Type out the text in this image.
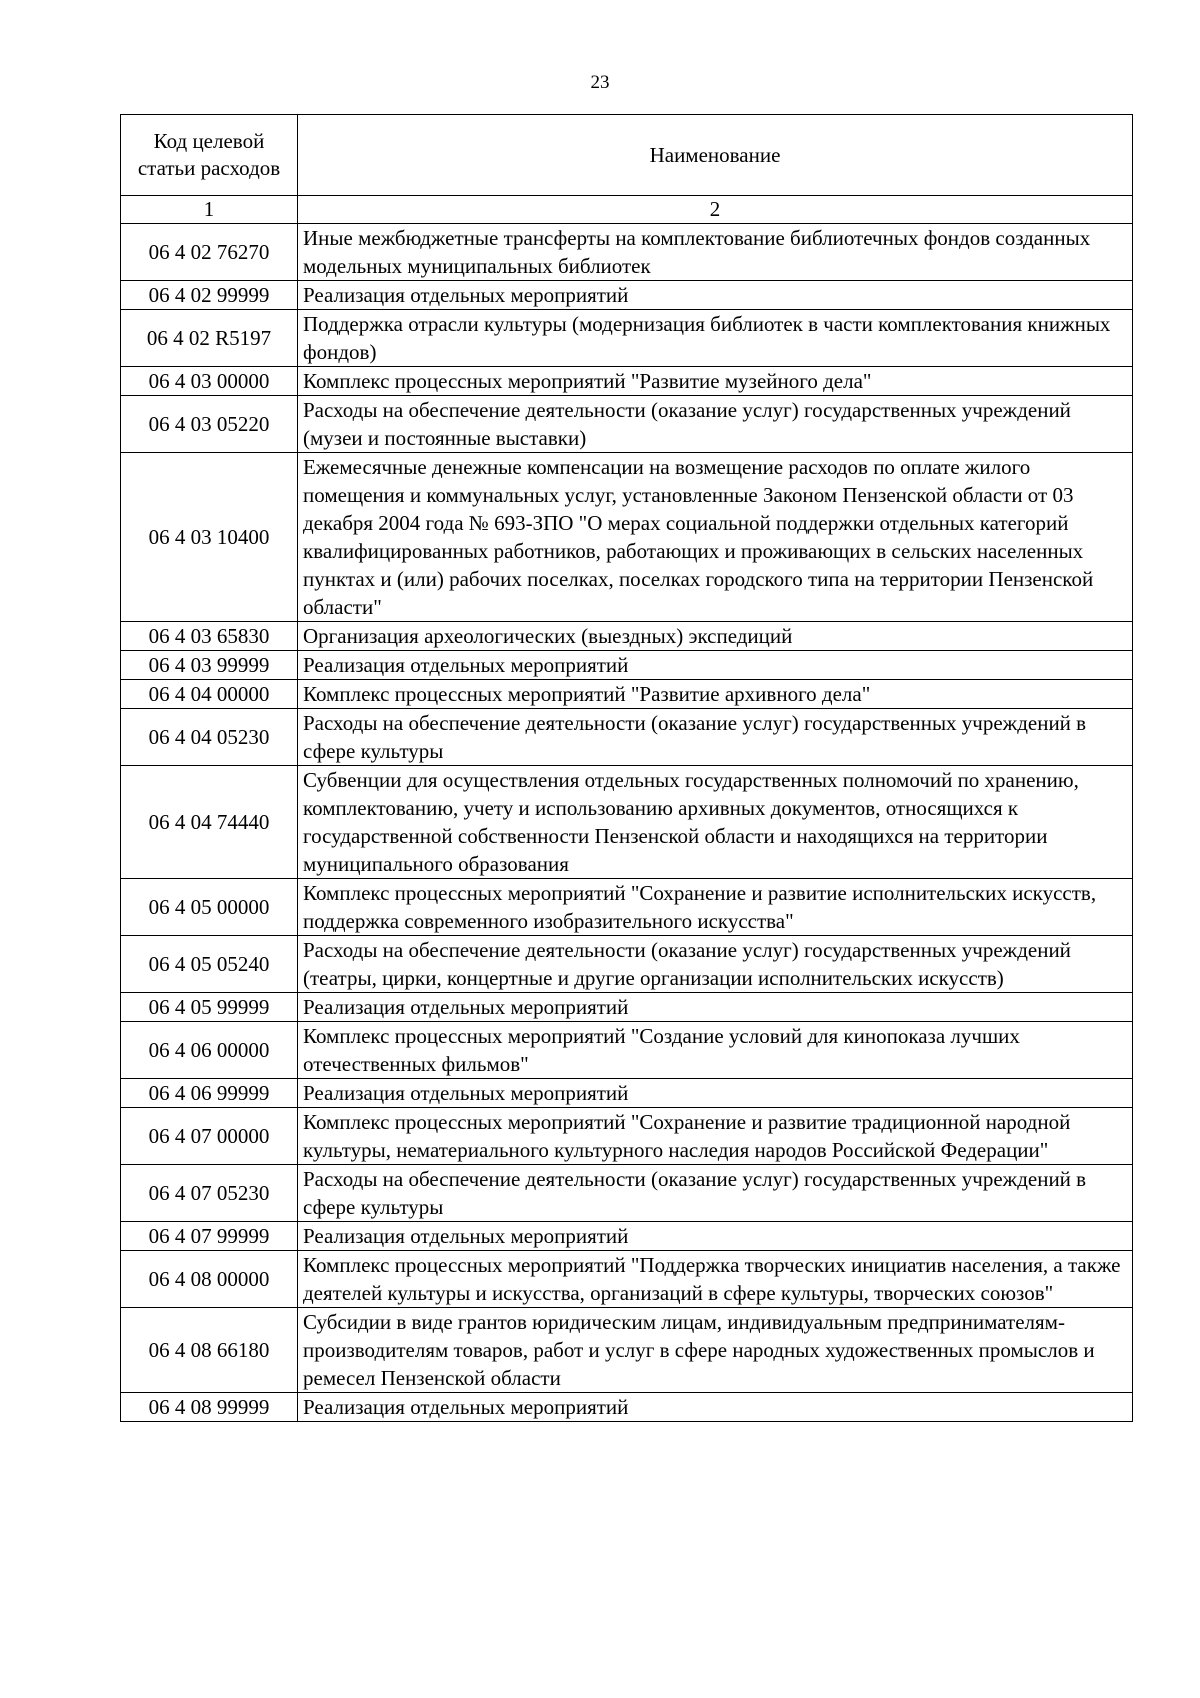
23
Код целевой статьи расходов	Наименование
1	2
06 4 02 76270	Иные межбюджетные трансферты на комплектование библиотечных фондов созданных модельных муниципальных библиотек
06 4 02 99999	Реализация отдельных мероприятий
06 4 02 R5197	Поддержка отрасли культуры (модернизация библиотек в части комплектования книжных фондов)
06 4 03 00000	Комплекс процессных мероприятий "Развитие музейного дела"
06 4 03 05220	Расходы на обеспечение деятельности (оказание услуг) государственных учреждений (музеи и постоянные выставки)
06 4 03 10400	Ежемесячные денежные компенсации на возмещение расходов по оплате жилого помещения и коммунальных услуг, установленные Законом Пензенской области от 03 декабря 2004 года № 693-ЗПО "О мерах социальной поддержки отдельных категорий квалифицированных работников, работающих и проживающих в сельских населенных пунктах и (или) рабочих поселках, поселках городского типа на территории Пензенской области"
06 4 03 65830	Организация археологических (выездных) экспедиций
06 4 03 99999	Реализация отдельных мероприятий
06 4 04 00000	Комплекс процессных мероприятий "Развитие архивного дела"
06 4 04 05230	Расходы на обеспечение деятельности (оказание услуг) государственных учреждений в сфере культуры
06 4 04 74440	Субвенции для осуществления отдельных государственных полномочий по хранению, комплектованию, учету и использованию архивных документов, относящихся к государственной собственности Пензенской области и находящихся на территории муниципального образования
06 4 05 00000	Комплекс процессных мероприятий "Сохранение и развитие исполнительских искусств, поддержка современного изобразительного искусства"
06 4 05 05240	Расходы на обеспечение деятельности (оказание услуг) государственных учреждений (театры, цирки, концертные и другие организации исполнительских искусств)
06 4 05 99999	Реализация отдельных мероприятий
06 4 06 00000	Комплекс процессных мероприятий "Создание условий для кинопоказа лучших отечественных фильмов"
06 4 06 99999	Реализация отдельных мероприятий
06 4 07 00000	Комплекс процессных мероприятий "Сохранение и развитие традиционной народной культуры, нематериального культурного наследия народов Российской Федерации"
06 4 07 05230	Расходы на обеспечение деятельности (оказание услуг) государственных учреждений в сфере культуры
06 4 07 99999	Реализация отдельных мероприятий
06 4 08 00000	Комплекс процессных мероприятий "Поддержка творческих инициатив населения, а также деятелей культуры и искусства, организаций в сфере культуры, творческих союзов"
06 4 08 66180	Субсидии в виде грантов юридическим лицам, индивидуальным предпринимателям-производителям товаров, работ и услуг в сфере народных художественных промыслов и ремесел Пензенской области
06 4 08 99999	Реализация отдельных мероприятий
